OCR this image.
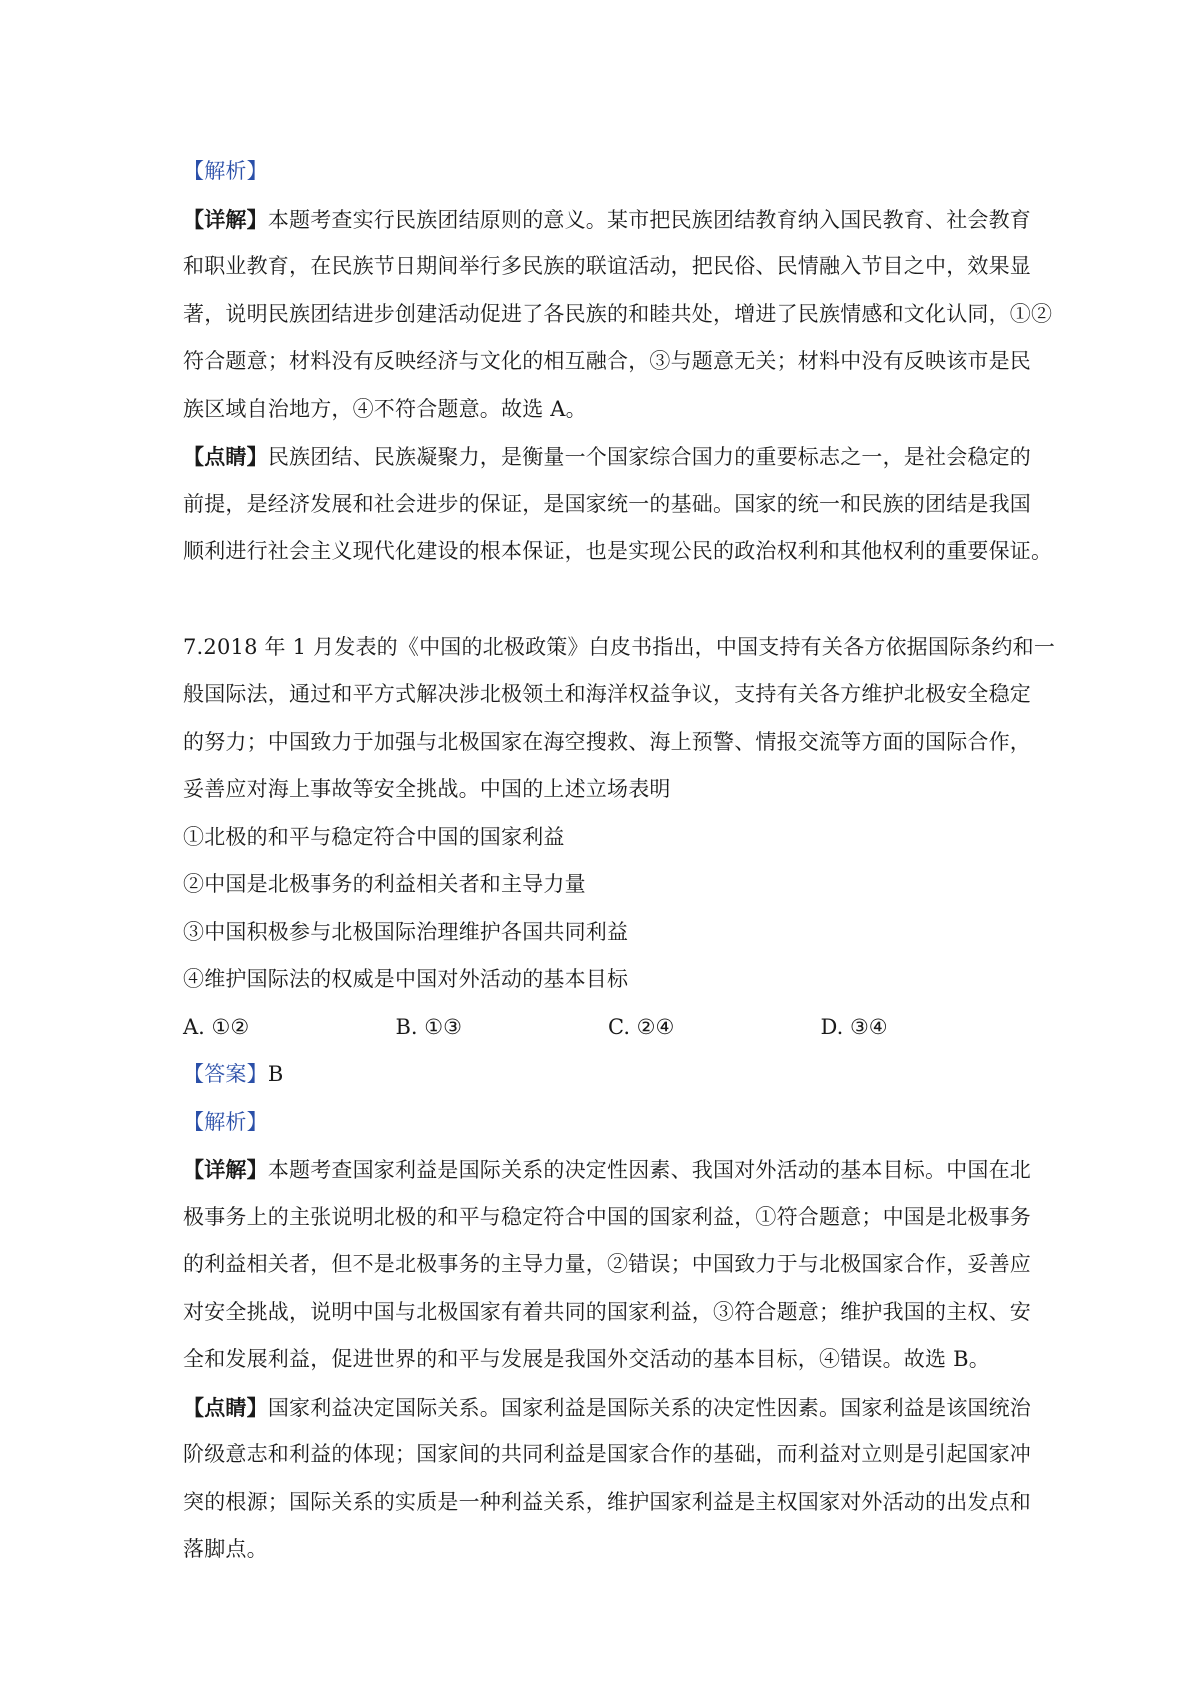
【解析】
【详解】本题考查实行民族团结原则的意义。某市把民族团结教育纳入国民教育、社会教育
和职业教育，在民族节日期间举行多民族的联谊活动，把民俗、民情融入节目之中，效果显
著，说明民族团结进步创建活动促进了各民族的和睦共处，增进了民族情感和文化认同，①②
符合题意；材料没有反映经济与文化的相互融合，③与题意无关；材料中没有反映该市是民
族区域自治地方，④不符合题意。故选 A。
【点睛】民族团结、民族凝聚力，是衡量一个国家综合国力的重要标志之一，是社会稳定的
前提，是经济发展和社会进步的保证，是国家统一的基础。国家的统一和民族的团结是我国
顺利进行社会主义现代化建设的根本保证，也是实现公民的政治权利和其他权利的重要保证。
7.2018 年 1 月发表的《中国的北极政策》白皮书指出，中国支持有关各方依据国际条约和一
般国际法，通过和平方式解决涉北极领土和海洋权益争议，支持有关各方维护北极安全稳定
的努力；中国致力于加强与北极国家在海空搜救、海上预警、情报交流等方面的国际合作，
妥善应对海上事故等安全挑战。中国的上述立场表明
①北极的和平与稳定符合中国的国家利益
②中国是北极事务的利益相关者和主导力量
③中国积极参与北极国际治理维护各国共同利益
④维护国际法的权威是中国对外活动的基本目标
A. ①②	B. ①③	C. ②④	D. ③④
【答案】B
【解析】
【详解】本题考查国家利益是国际关系的决定性因素、我国对外活动的基本目标。中国在北
极事务上的主张说明北极的和平与稳定符合中国的国家利益，①符合题意；中国是北极事务
的利益相关者，但不是北极事务的主导力量，②错误；中国致力于与北极国家合作，妥善应
对安全挑战，说明中国与北极国家有着共同的国家利益，③符合题意；维护我国的主权、安
全和发展利益，促进世界的和平与发展是我国外交活动的基本目标，④错误。故选 B。
【点睛】国家利益决定国际关系。国家利益是国际关系的决定性因素。国家利益是该国统治
阶级意志和利益的体现；国家间的共同利益是国家合作的基础，而利益对立则是引起国家冲
突的根源；国际关系的实质是一种利益关系，维护国家利益是主权国家对外活动的出发点和
落脚点。
